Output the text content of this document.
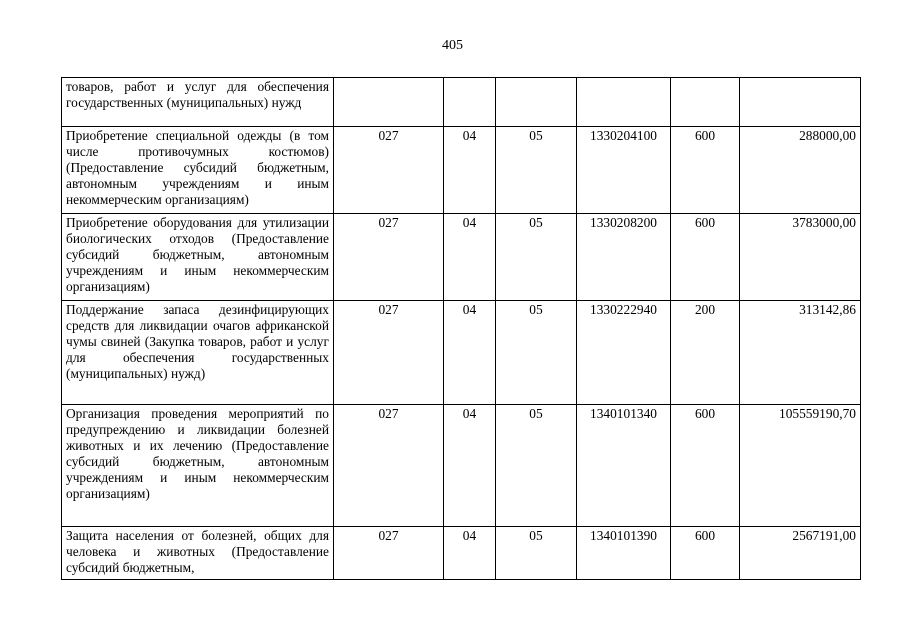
405
товаров, работ и услуг для обеспечения государственных (муниципальных) нужд						
Приобретение специальной одежды (в том числе противочумных костюмов) (Предоставление субсидий бюджетным, автономным учреждениям и иным некоммерческим организациям)	027	04	05	1330204100	600	288000,00
Приобретение оборудования для утилизации биологических отходов (Предоставление субсидий бюджетным, автономным учреждениям и иным некоммерческим организациям)	027	04	05	1330208200	600	3783000,00
Поддержание запаса дезинфицирующих средств для ликвидации очагов африканской чумы свиней (Закупка товаров, работ и услуг для обеспечения государственных (муниципальных) нужд)	027	04	05	1330222940	200	313142,86
Организация проведения мероприятий по предупреждению и ликвидации болезней животных и их лечению (Предоставление субсидий бюджетным, автономным учреждениям и иным некоммерческим организациям)	027	04	05	1340101340	600	105559190,70
Защита населения от болезней, общих для человека и животных (Предоставление субсидий бюджетным,	027	04	05	1340101390	600	2567191,00
